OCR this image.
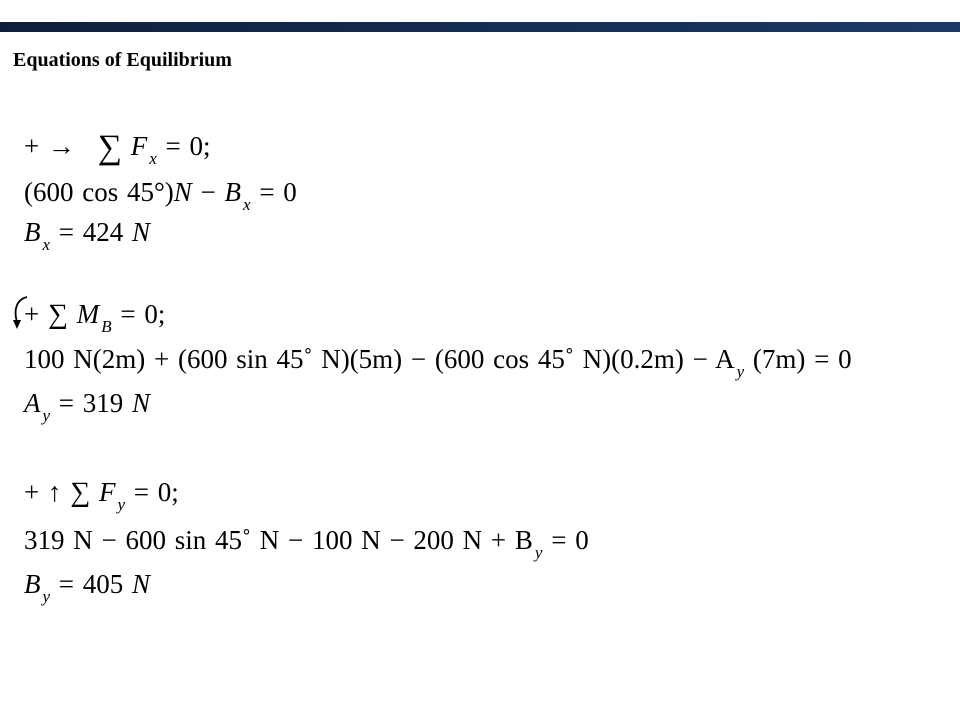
Equations of Equilibrium
+ → ∑ F $_x$ = 0;
(600 cos 45°)N − B $_x$ = 0
B $_x$ = 424 N
+ ∑ M $_B$ = 0;
100 N(2m) + (600 sin 45˚ N)(5m) − (600 cos 45˚ N)(0.2m) − A $_y$ (7m) = 0
A $_y$ = 319 N
+ ↑ ∑ F $_y$ = 0;
319 N − 600 sin 45˚ N − 100 N − 200 N + B $_y$ = 0
B $_y$ = 405 N
